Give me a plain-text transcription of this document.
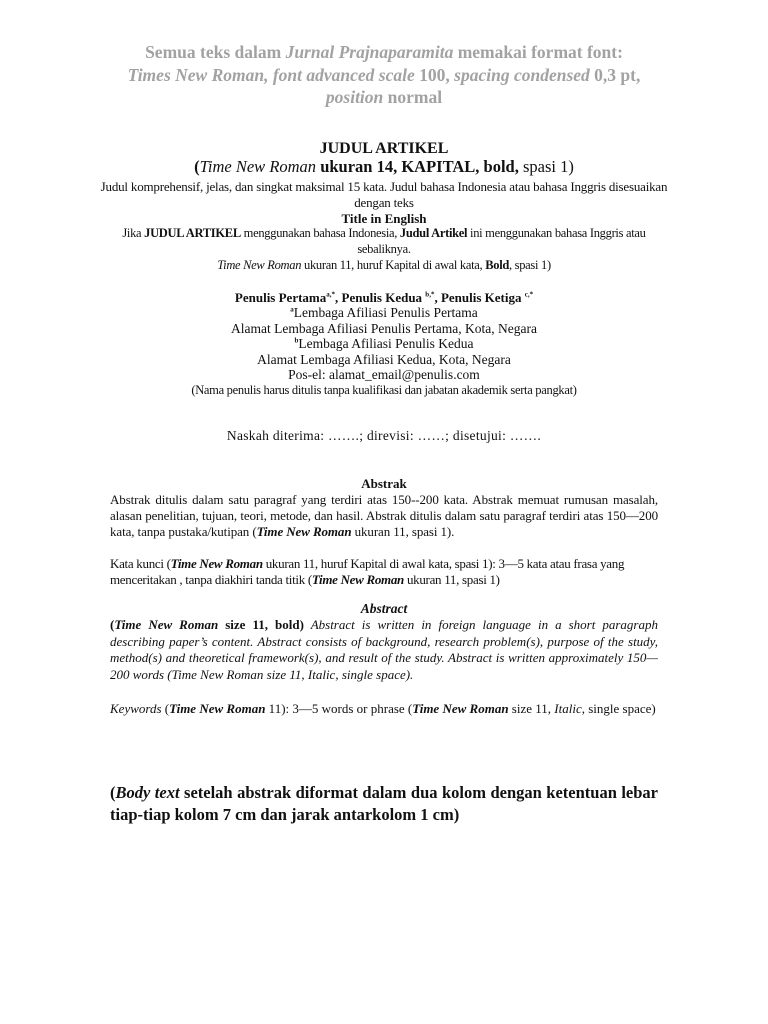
Semua teks dalam Jurnal Prajnaparamita memakai format font:
Times New Roman, font advanced scale 100, spacing condensed 0,3 pt,
position normal
JUDUL ARTIKEL
(Time New Roman ukuran 14, KAPITAL, bold, spasi 1)
Judul komprehensif, jelas, dan singkat maksimal 15 kata. Judul bahasa Indonesia atau bahasa Inggris disesuaikan dengan teks
Title in English
Jika JUDUL ARTIKEL menggunakan bahasa Indonesia, Judul Artikel ini menggunakan bahasa Inggris atau sebaliknya.
Time New Roman ukuran 11, huruf Kapital di awal kata, Bold, spasi 1)
Penulis Pertama$^{a,*}$, Penulis Kedua $^{b,*}$, Penulis Ketiga $^{c,*}$
$^a$Lembaga Afiliasi Penulis Pertama
Alamat Lembaga Afiliasi Penulis Pertama, Kota, Negara
$^b$Lembaga Afiliasi Penulis Kedua
Alamat Lembaga Afiliasi Kedua, Kota, Negara
Pos-el: alamat_email@penulis.com
(Nama penulis harus ditulis tanpa kualifikasi dan jabatan akademik serta pangkat)
Naskah diterima: …….; direvisi: ……; disetujui: …….
Abstrak
Abstrak ditulis dalam satu paragraf yang terdiri atas 150--200 kata. Abstrak memuat rumusan masalah, alasan penelitian, tujuan, teori, metode, dan hasil. Abstrak ditulis dalam satu paragraf terdiri atas 150—200 kata, tanpa pustaka/kutipan (Time New Roman ukuran 11, spasi 1).
Kata kunci (Time New Roman ukuran 11, huruf Kapital di awal kata, spasi 1): 3—5 kata atau frasa yang menceritakan , tanpa diakhiri tanda titik (Time New Roman ukuran 11, spasi 1)
Abstract
(Time New Roman size 11, bold) Abstract is written in foreign language in a short paragraph describing paper’s content. Abstract consists of background, research problem(s), purpose of the study, method(s) and theoretical framework(s), and result of the study. Abstract is written approximately 150—200 words (Time New Roman size 11, Italic, single space).
Keywords (Time New Roman 11): 3—5 words or phrase (Time New Roman size 11, Italic, single space)
(Body text setelah abstrak diformat dalam dua kolom dengan ketentuan lebar tiap-tiap kolom 7 cm dan jarak antarkolom 1 cm)
